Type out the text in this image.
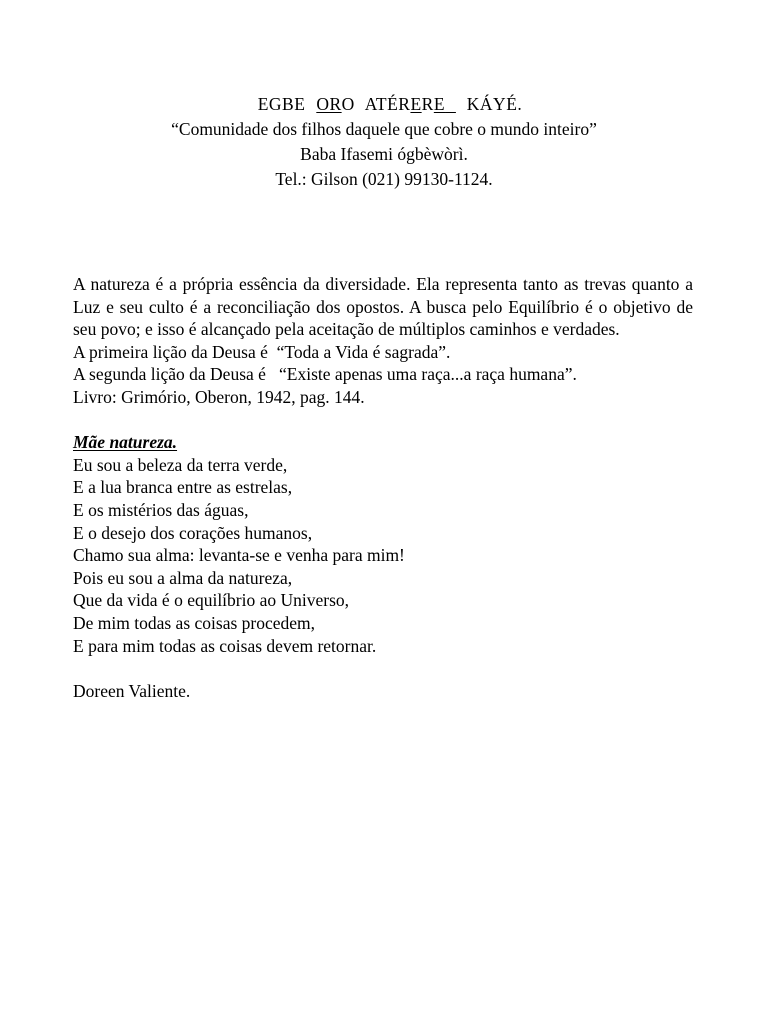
EGBE ORO ATÉRERE KÁYÉ.
“Comunidade dos filhos daquele que cobre o mundo inteiro”
Baba Ifasemi ógbèwòrì.
Tel.: Gilson (021) 99130-1124.

A natureza é a própria essência da diversidade. Ela representa tanto as trevas quanto a Luz e seu culto é a reconciliação dos opostos. A busca pelo Equilíbrio é o objetivo de seu povo; e isso é alcançado pela aceitação de múltiplos caminhos e verdades.

A primeira lição da Deusa é  “Toda a Vida é sagrada”.

A segunda lição da Deusa é   “Existe apenas uma raça...a raça humana”.

Livro: Grimório, Oberon, 1942, pag. 144.

Mãe natureza.

Eu sou a beleza da terra verde,

E a lua branca entre as estrelas,

E os mistérios das águas,

E o desejo dos corações humanos,

Chamo sua alma: levanta-se e venha para mim!

Pois eu sou a alma da natureza,

Que da vida é o equilíbrio ao Universo,

De mim todas as coisas procedem,

E para mim todas as coisas devem retornar.

Doreen Valiente.
